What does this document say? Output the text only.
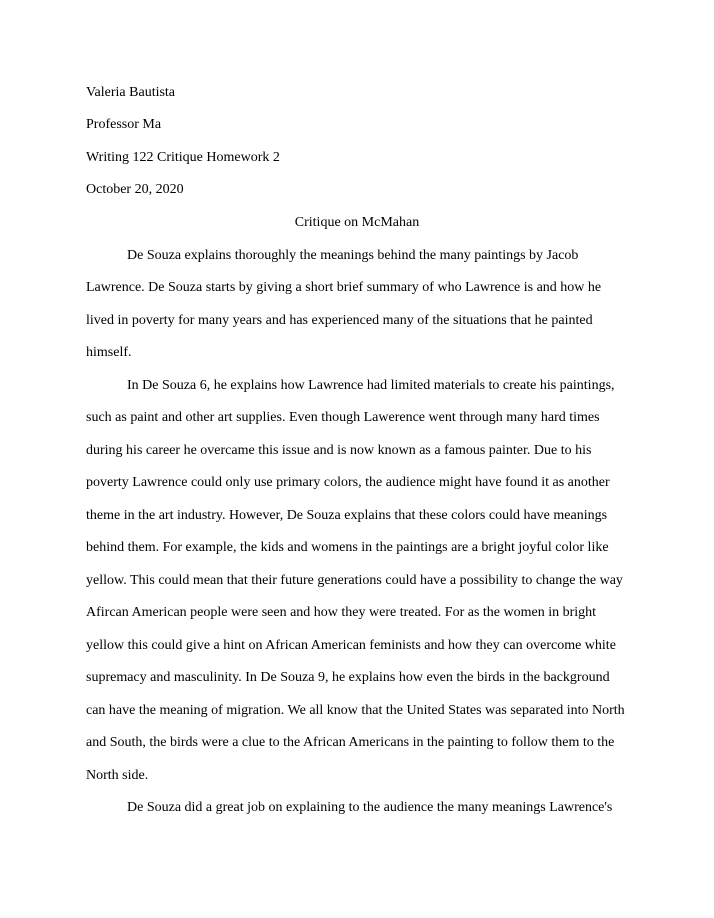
Valeria Bautista
Professor Ma
Writing 122 Critique Homework 2
October 20, 2020
Critique on McMahan
De Souza explains thoroughly the meanings behind the many paintings by Jacob
Lawrence. De Souza starts by giving a short brief summary of who Lawrence is and how he
lived in poverty for many years and has experienced many of the situations that he painted
himself.
In De Souza 6, he explains how Lawrence had limited materials to create his paintings,
such as paint and other art supplies. Even though Lawerence went through many hard times
during his career he overcame this issue and is now known as a famous painter. Due to his
poverty Lawrence could only use primary colors, the audience might have found it as another
theme in the art industry. However, De Souza explains that these colors could have meanings
behind them. For example, the kids and womens in the paintings are a bright joyful color like
yellow. This could mean that their future generations could have a possibility to change the way
Afircan American people were seen and how they were treated. For as the women in bright
yellow this could give a hint on African American feminists and how they can overcome white
supremacy and masculinity. In De Souza 9, he explains how even the birds in the background
can have the meaning of migration. We all know that the United States was separated into North
and South, the birds were a clue to the African Americans in the painting to follow them to the
North side.
De Souza did a great job on explaining to the audience the many meanings Lawrence's
